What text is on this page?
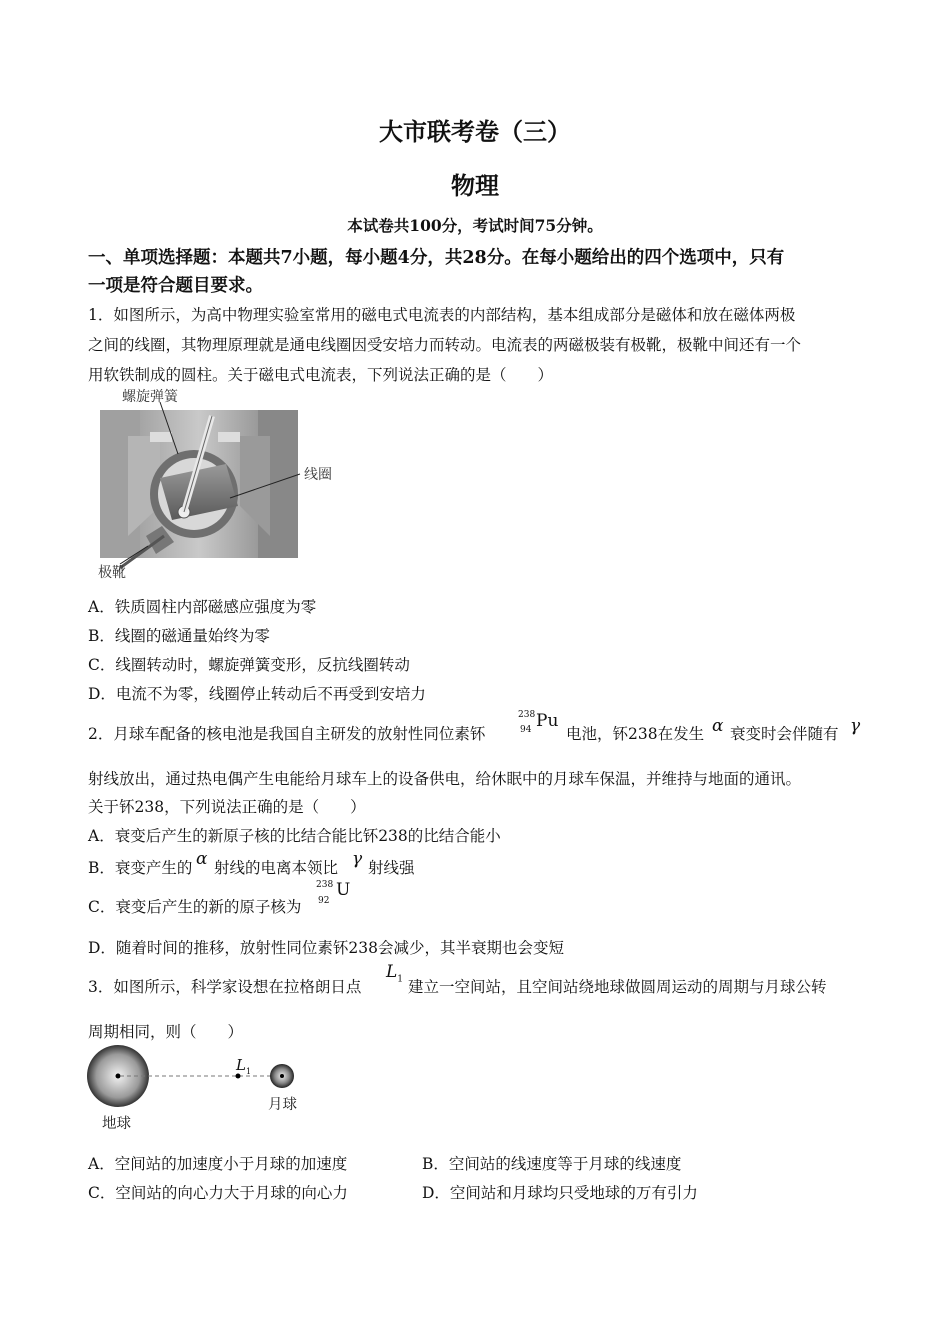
大市联考卷（三）
物理
本试卷共100分，考试时间75分钟。
一、单项选择题：本题共7小题，每小题4分，共28分。在每小题给出的四个选项中，只有
一项是符合题目要求。
1．如图所示，为高中物理实验室常用的磁电式电流表的内部结构，基本组成部分是磁体和放在磁体两极
之间的线圈，其物理原理就是通电线圈因受安培力而转动。电流表的两磁极装有极靴，极靴中间还有一个
用软铁制成的圆柱。关于磁电式电流表，下列说法正确的是（　　）
螺旋弹簧
线圈
极靴
A．铁质圆柱内部磁感应强度为零
B．线圈的磁通量始终为零
C．线圈转动时，螺旋弹簧变形，反抗线圈转动
D．电流不为零，线圈停止转动后不再受到安培力
2．月球车配备的核电池是我国自主研发的放射性同位素钚
238
94 Pu
电池，钚238在发生 α 衰变时会伴随有 γ
射线放出，通过热电偶产生电能给月球车上的设备供电，给休眠中的月球车保温，并维持与地面的通讯。
关于钚238，下列说法正确的是（　　）
A．衰变后产生的新原子核的比结合能比钚238的比结合能小
B．衰变产生的 α 射线的电离本领比 γ 射线强
C．衰变后产生的新的原子核为
238
92
U
D．随着时间的推移，放射性同位素钚238会减少，其半衰期也会变短
3．如图所示，科学家设想在拉格朗日点
$L_1$ 建立一空间站，且空间站绕地球做圆周运动的周期与月球公转
周期相同，则（　　）
$L_1$
月球
地球
A．空间站的加速度小于月球的加速度	B．空间站的线速度等于月球的线速度
C．空间站的向心力大于月球的向心力	D．空间站和月球均只受地球的万有引力
